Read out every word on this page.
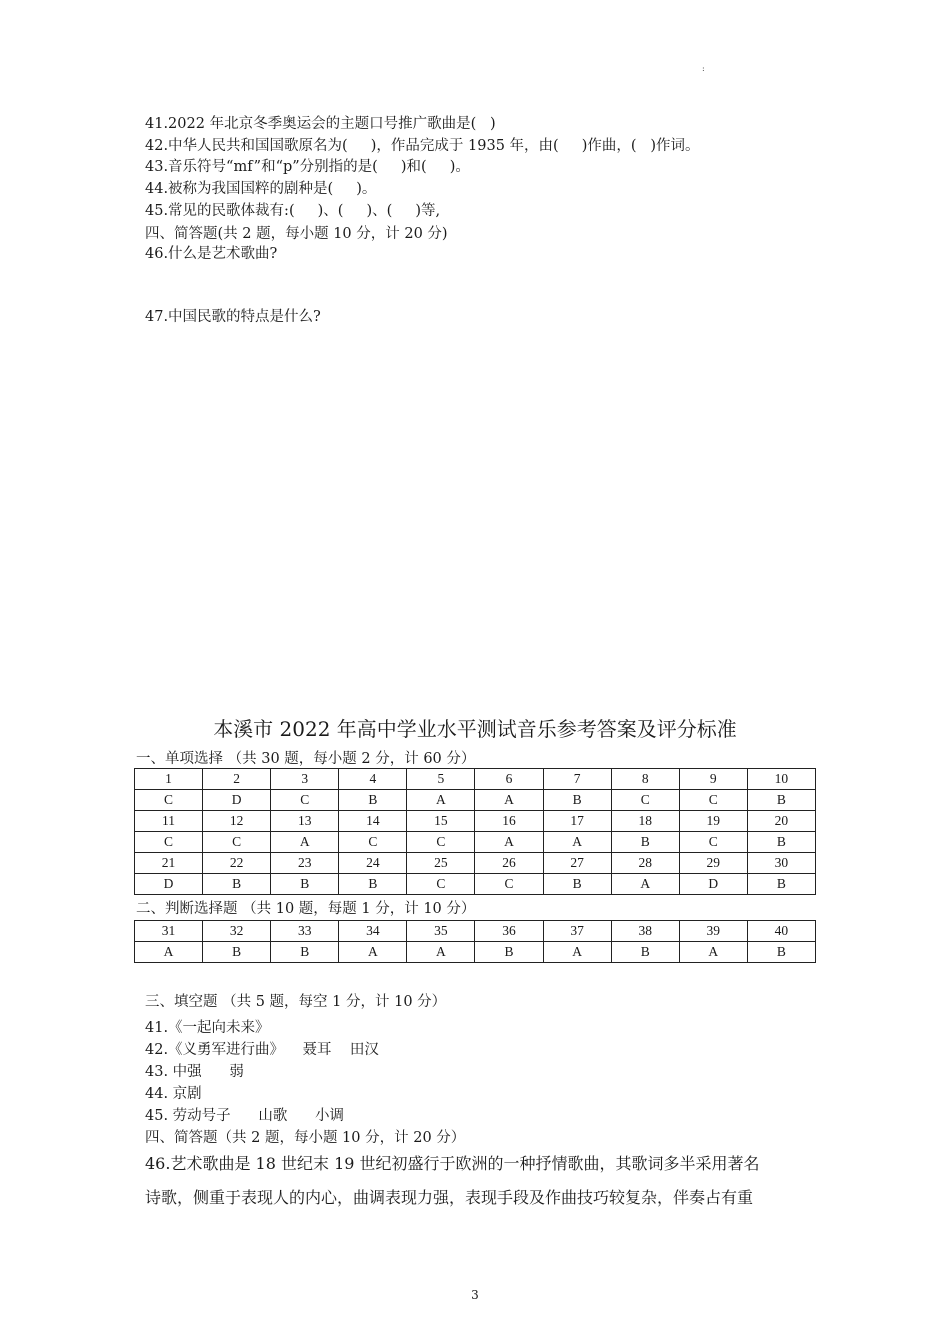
:
41.2022 年北京冬季奥运会的主题口号推广歌曲是(   )
42.中华人民共和国国歌原名为(     )，作品完成于 1935 年，由(     )作曲，(   )作词。
43.音乐符号“mf”和“p”分别指的是(     )和(     )。
44.被称为我国国粹的剧种是(     )。
45.常见的民歌体裁有:(     )、(     )、(     )等,
四、简答题(共 2 题，每小题 10 分，计 20 分)
46.什么是艺术歌曲?
47.中国民歌的特点是什么?
本溪市 2022 年高中学业水平测试音乐参考答案及评分标准
一、单项选择 （共 30 题，每小题 2 分，计 60 分）
1	2	3	4	5	6	7	8	9	10
C	D	C	B	A	A	B	C	C	B
11	12	13	14	15	16	17	18	19	20
C	C	A	C	C	A	A	B	C	B
21	22	23	24	25	26	27	28	29	30
D	B	B	B	C	C	B	A	D	B
二、判断选择题 （共 10 题，每题 1 分，计 10 分）
31	32	33	34	35	36	37	38	39	40
A	B	B	A	A	B	A	B	A	B
三、填空题 （共 5 题，每空 1 分，计 10 分）
41.《一起向未来》
42.《义勇军进行曲》    聂耳    田汉
43. 中强      弱
44. 京剧
45. 劳动号子      山歌      小调
四、简答题（共 2 题，每小题 10 分，计 20 分）
46.艺术歌曲是 18 世纪末 19 世纪初盛行于欧洲的一种抒情歌曲，其歌词多半采用著名
诗歌，侧重于表现人的内心，曲调表现力强，表现手段及作曲技巧较复杂，伴奏占有重
3
